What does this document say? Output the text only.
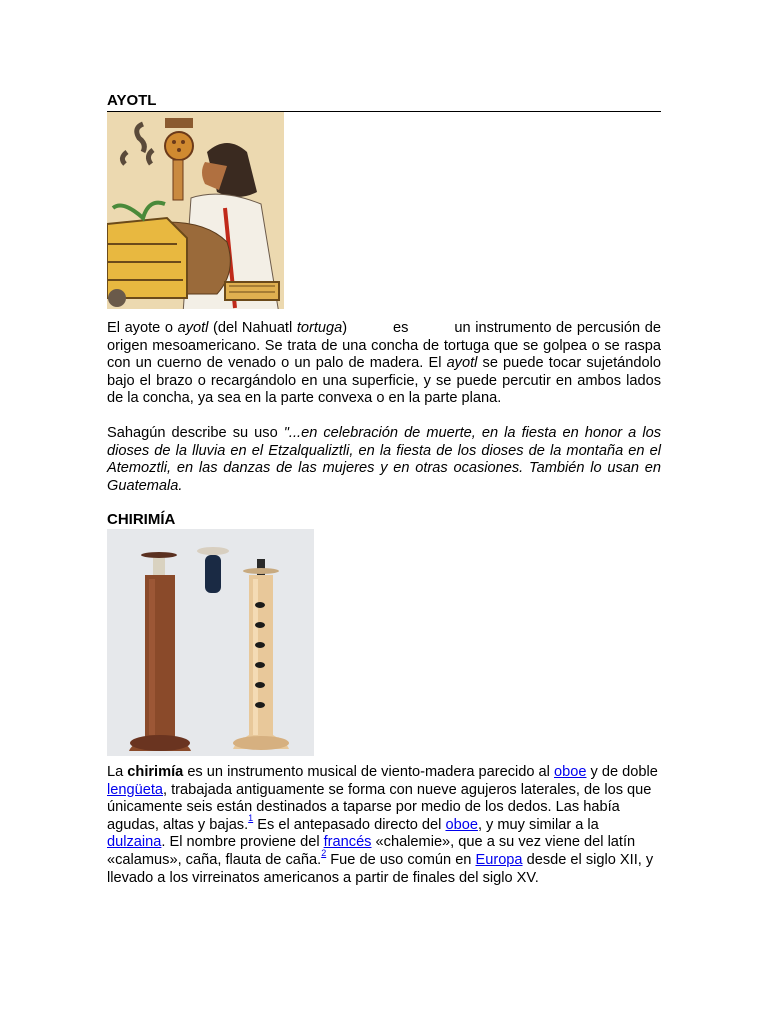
AYOTL
El ayote o ayotl (del Nahuatl tortuga)          es          un instrumento de percusión de origen mesoamericano. Se trata de una concha de tortuga que se golpea o se raspa con un cuerno de venado o un palo de madera. El ayotl se puede tocar sujetándolo bajo el brazo o recargándolo en una superficie, y se puede percutir en ambos lados de la concha, ya sea en la parte convexa o en la parte plana.
Sahagún describe su uso "...en celebración de muerte, en la fiesta en honor a los dioses de la lluvia en el Etzalqualiztli, en la fiesta de los dioses de la montaña en el Atemoztli, en las danzas de las mujeres y en otras ocasiones. También lo usan en Guatemala.
CHIRIMÍA
La chirimía es un instrumento musical de viento-madera parecido al oboe y de doble lengüeta, trabajada antiguamente se forma con nueve agujeros laterales, de los que únicamente seis están destinados a taparse por medio de los dedos. Las había agudas, altas y bajas.$^1$ Es el antepasado directo del oboe, y muy similar a la dulzaina. El nombre proviene del francés «chalemie», que a su vez viene del latín «calamus», caña, flauta de caña.$^2$ Fue de uso común en Europa desde el siglo XII, y llevado a los virreinatos americanos a partir de finales del siglo XV.
